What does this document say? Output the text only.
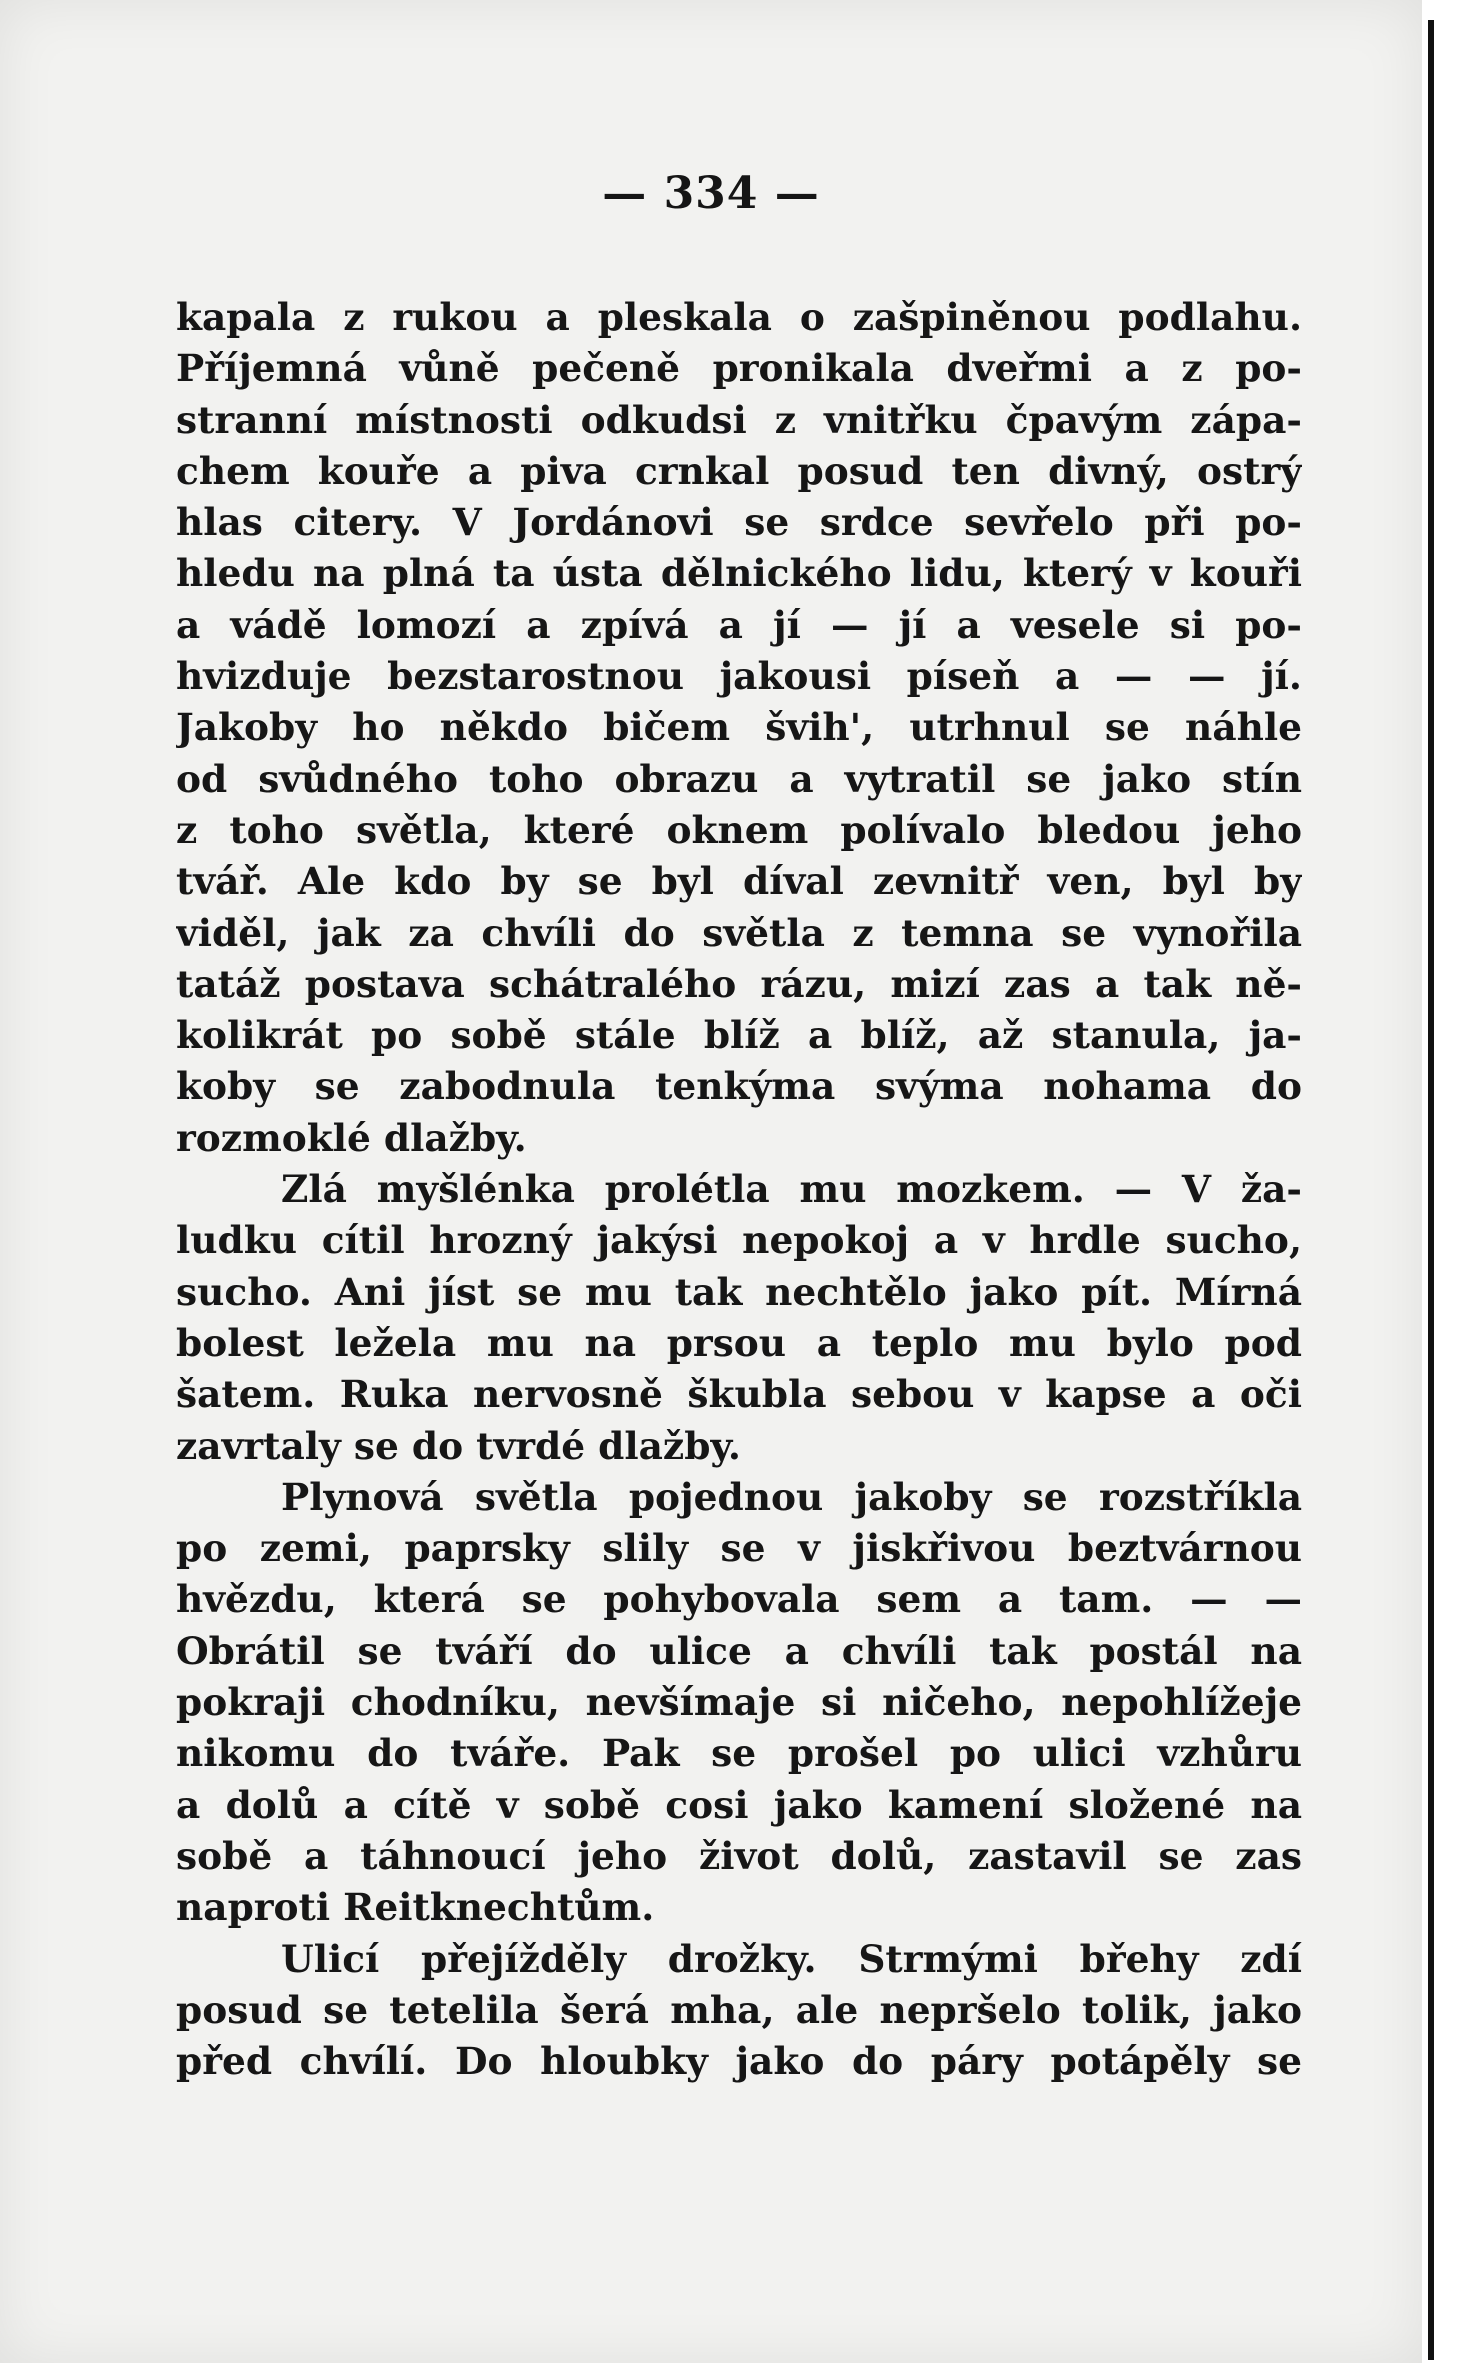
— 334 —
kapala z rukou a pleskala o zašpiněnou podlahu.
Příjemná vůně pečeně pronikala dveřmi a z po-
stranní místnosti odkudsi z vnitřku čpavým zápa-
chem kouře a piva crnkal posud ten divný, ostrý
hlas citery. V Jordánovi se srdce sevřelo při po-
hledu na plná ta ústa dělnického lidu, který v kouři
a vádě lomozí a zpívá a jí — jí a vesele si po-
hvizduje bezstarostnou jakousi píseň a — — jí.
Jakoby ho někdo bičem švih', utrhnul se náhle
od svůdného toho obrazu a vytratil se jako stín
z toho světla, které oknem polívalo bledou jeho
tvář. Ale kdo by se byl díval zevnitř ven, byl by
viděl, jak za chvíli do světla z temna se vynořila
tatáž postava schátralého rázu, mizí zas a tak ně-
kolikrát po sobě stále blíž a blíž, až stanula, ja-
koby se zabodnula tenkýma svýma nohama do
rozmoklé dlažby.
Zlá myšlénka prolétla mu mozkem. — V ža-
ludku cítil hrozný jakýsi nepokoj a v hrdle sucho,
sucho. Ani jíst se mu tak nechtělo jako pít. Mírná
bolest ležela mu na prsou a teplo mu bylo pod
šatem. Ruka nervosně škubla sebou v kapse a oči
zavrtaly se do tvrdé dlažby.
Plynová světla pojednou jakoby se rozstříkla
po zemi, paprsky slily se v jiskřivou beztvárnou
hvězdu, která se pohybovala sem a tam. — —
Obrátil se tváří do ulice a chvíli tak postál na
pokraji chodníku, nevšímaje si ničeho, nepohlížeje
nikomu do tváře. Pak se prošel po ulici vzhůru
a dolů a cítě v sobě cosi jako kamení složené na
sobě a táhnoucí jeho život dolů, zastavil se zas
naproti Reitknechtům.
Ulicí přejížděly drožky. Strmými břehy zdí
posud se tetelila šerá mha, ale nepršelo tolik, jako
před chvílí. Do hloubky jako do páry potápěly se
